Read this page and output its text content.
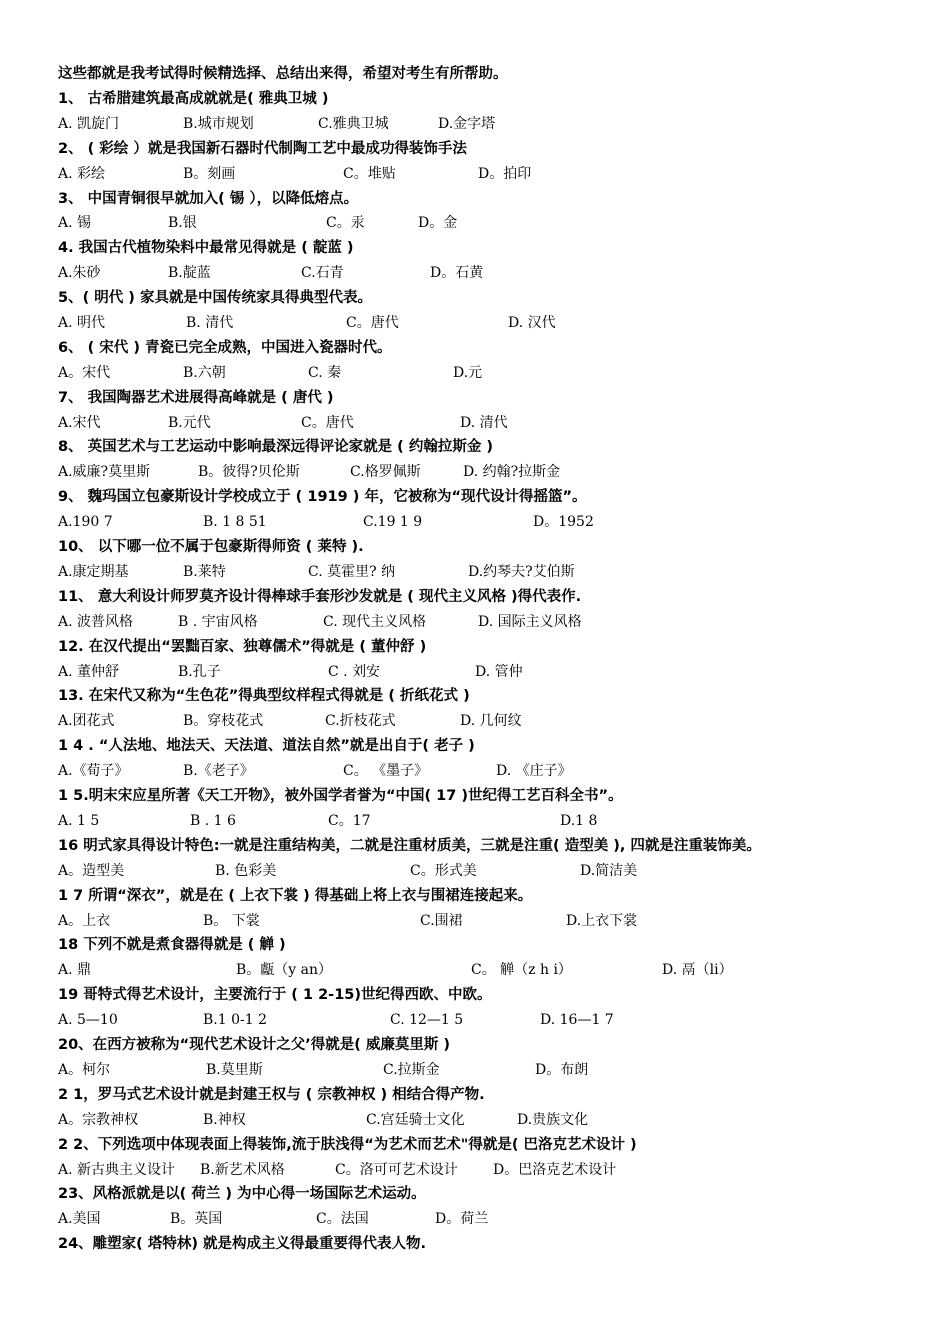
这些都就是我考试得时候精选择、总结出来得，希望对考生有所帮助。
1、 古希腊建筑最高成就就是( 雅典卫城 )
A. 凯旋门	B.城市规划	C.雅典卫城	D.金字塔
2、 ( 彩绘 ）就是我国新石器时代制陶工艺中最成功得装饰手法
A. 彩绘	B。刻画	C。堆贴	D。拍印
3、 中国青铜很早就加入( 锡 ），以降低熔点。
A. 锡	B.银	C。汞	D。金
4. 我国古代植物染料中最常见得就是 ( 靛蓝 )
A.朱砂	B.靛蓝	C.石青	D。石黄
5、( 明代 ) 家具就是中国传统家具得典型代表。
A. 明代	B. 清代	C。唐代	D. 汉代
6、 ( 宋代 ) 青瓷已完全成熟，中国进入瓷器时代。
A。宋代	B.六朝	C. 秦	D.元
7、 我国陶器艺术进展得高峰就是 ( 唐代 )
A.宋代	B.元代	C。唐代	D. 清代
8、 英国艺术与工艺运动中影响最深远得评论家就是 ( 约翰拉斯金 )
A.威廉?莫里斯	B。彼得?贝伦斯	C.格罗佩斯	D. 约翰?拉斯金
9、 魏玛国立包豪斯设计学校成立于 ( 1919 ) 年，它被称为“现代设计得摇篮”。
A.190 7	B. 1 8 51	C.19 1 9	D。1952
10、 以下哪一位不属于包豪斯得师资 ( 莱特 ).
A.康定期基	B.莱特	C. 莫霍里? 纳	D.约琴夫?艾伯斯
11、 意大利设计师罗莫齐设计得棒球手套形沙发就是 ( 现代主义风格 )得代表作.
A. 波普风格	B . 宇宙风格	C. 现代主义风格	D. 国际主义风格
12. 在汉代提出“罢黜百家、独尊儒术”得就是 ( 董仲舒 )
A. 董仲舒	B.孔子	C . 刘安	D. 管仲
13. 在宋代又称为“生色花”得典型纹样程式得就是 ( 折纸花式 )
A.团花式	B。穿枝花式	C.折枝花式	D. 几何纹
1 4 . “人法地、地法天、天法道、道法自然”就是出自于( 老子 )
A.《荀子》	B.《老子》	C。 《墨子》	D. 《庄子》
1 5.明末宋应星所著《天工开物》，被外国学者誉为“中国( 17 )世纪得工艺百科全书”。
A. 1 5	B . 1 6	C。17	D.1 8
16 明式家具得设计特色:一就是注重结构美，二就是注重材质美，三就是注重( 造型美 ), 四就是注重装饰美。
A。造型美	B. 色彩美	C。形式美	D.简洁美
1 7 所谓“深衣”，就是在 ( 上衣下裳 ) 得基础上将上衣与围裙连接起来。
A。上衣	B。 下裳	C.围裙	D.上衣下裳
18 下列不就是煮食器得就是 ( 觯 )
A. 鼎	B。甗（y an）	C。 觯（z h i）	D. 鬲（li）
19 哥特式得艺术设计，主要流行于 ( 1 2-15)世纪得西欧、中欧。
A. 5—10	B.1 0-1 2	C. 12—1 5	D. 16—1 7
20、在西方被称为“现代艺术设计之父’得就是( 威廉莫里斯 )
A。柯尔	B.莫里斯	C.拉斯金	D。布朗
2 1，罗马式艺术设计就是封建王权与 ( 宗教神权 ) 相结合得产物.
A。宗教神权	B.神权	C.宫廷骑士文化	D.贵族文化
2 2、下列选项中体现表面上得装饰,流于肤浅得“为艺术而艺术"得就是( 巴洛克艺术设计 )
A. 新古典主义设计 B.新艺术风格	C。洛可可艺术设计	D。巴洛克艺术设计
23、风格派就是以( 荷兰 ) 为中心得一场国际艺术运动。
A.美国	B。英国	C。法国	D。荷兰
24、雕塑家( 塔特林) 就是构成主义得最重要得代表人物.
